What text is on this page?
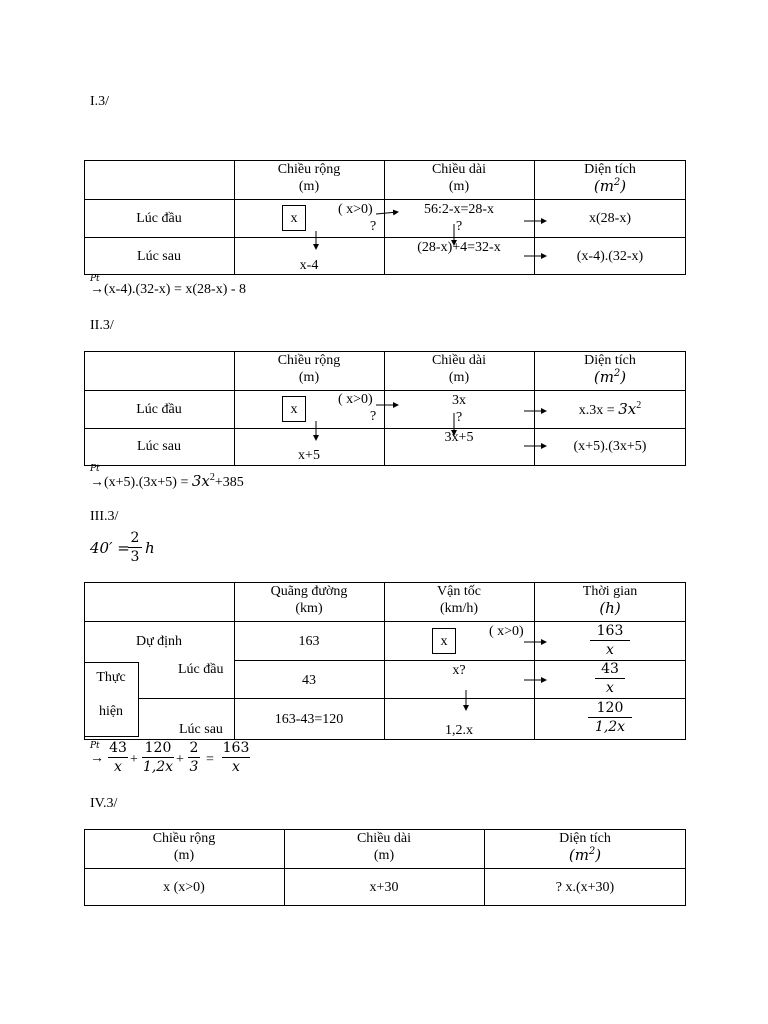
I.3/
Chiều rộng
(m)
Chiều dài
(m)
Diện tích
$(m^2)$
Lúc đầu
Lúc sau
x
( x>0)
?
56:2-x=28-x
?
(28-x)+4=32-x
x(28-x)
(x-4).(32-x)
x-4
Pt
→(x-4).(32-x) = x(28-x) - 8
II.3/
Chiều rộng
(m)
Chiều dài
(m)
Diện tích
$(m^2)$
Lúc đầu
Lúc sau
x
( x>0)
?
3x
?
3x+5
$x.3x = 3x^2$
(x+5).(3x+5)
x+5
Pt
$\to(x+5).(3x+5) = 3x^2+385$
III.3/
40′ =
2
3 h
Quãng đường
(km)
Vận tốc
(km/h)
Thời gian
(h)
Dự định
Thực
hiện
Lúc đầu
Lúc sau
163
43
163-43=120
x
( x>0)
x?
1,2.x
163
x
43
x
120
1,2x
Pt
→
43
x +
120
1,2x +
2
3 =
163
x
IV.3/
Chiều rộng
(m)
Chiều dài
(m)
Diện tích
$(m^2)$
x (x>0)	x+30	? x.(x+30)
